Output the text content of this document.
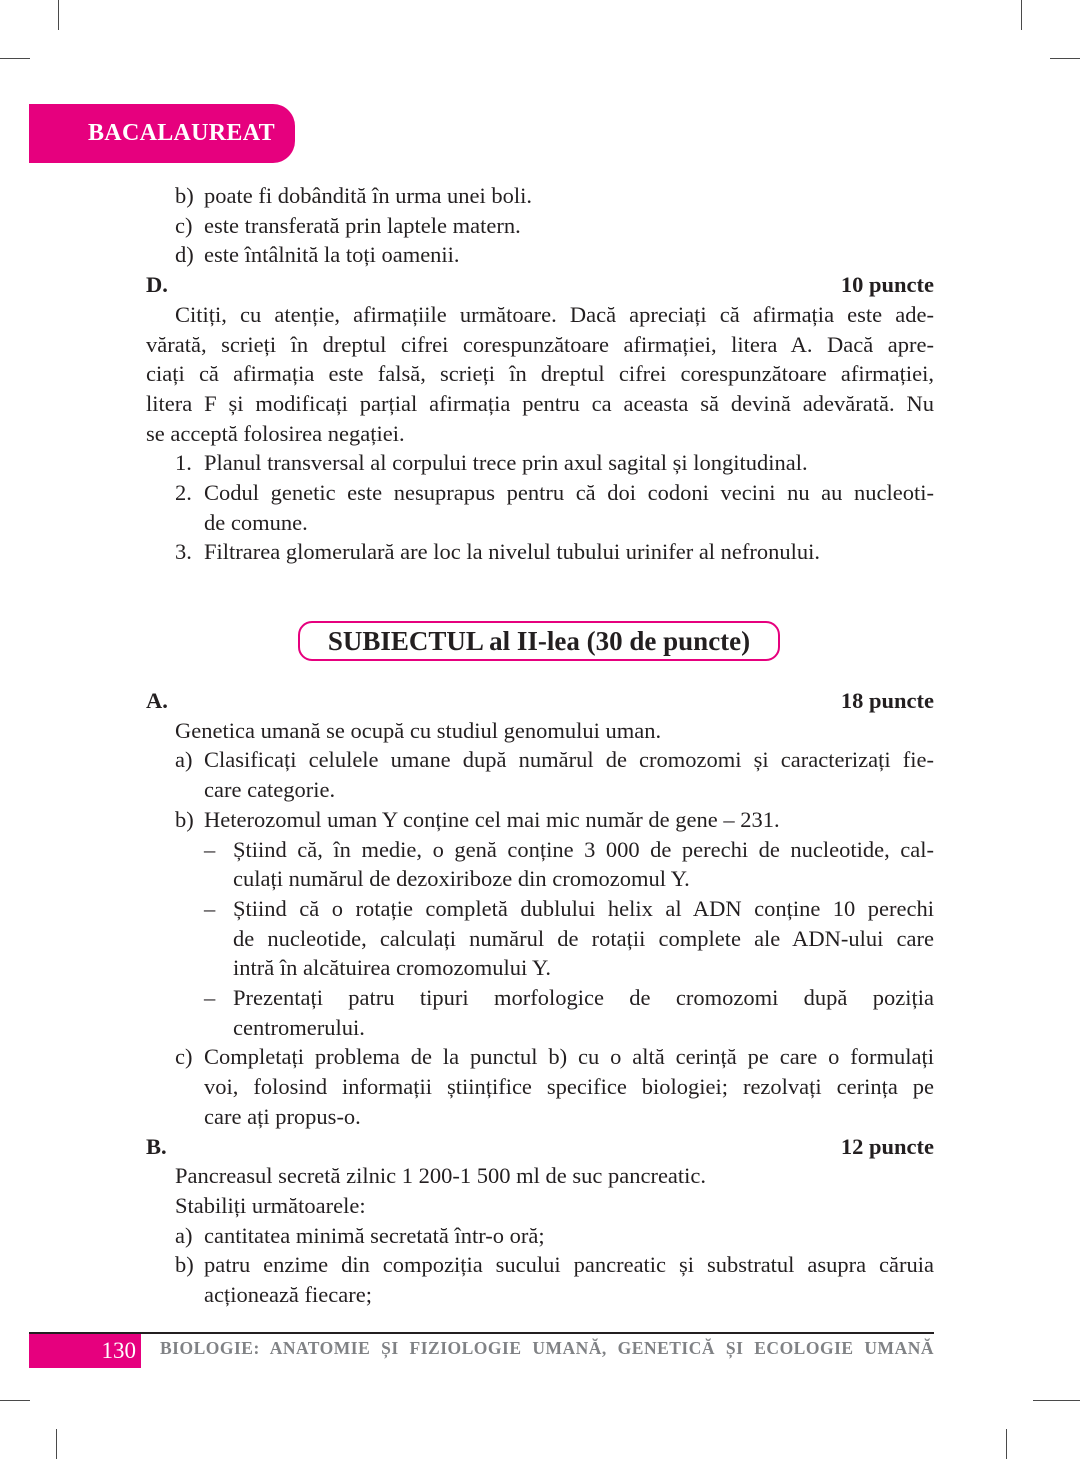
BACALAUREAT
b) poate fi dobândită în urma unei boli.
c) este transferată prin laptele matern.
d) este întâlnită la toți oamenii.
D.	10 puncte
Citiți, cu atenție, afirmațiile următoare. Dacă apreciați că afirmația este ade-
vărată, scrieți în dreptul cifrei corespunzătoare afirmației, litera A. Dacă apre-
ciați că afirmația este falsă, scrieți în dreptul cifrei corespunzătoare afirmației,
litera F și modificați parțial afirmația pentru ca aceasta să devină adevărată. Nu
se acceptă folosirea negației.
1. Planul transversal al corpului trece prin axul sagital și longitudinal.
2. Codul genetic este nesuprapus pentru că doi codoni vecini nu au nucleoti-
de comune.
3. Filtrarea glomerulară are loc la nivelul tubului urinifer al nefronului.
SUBIECTUL al II-lea (30 de puncte)
A.	18 puncte
Genetica umană se ocupă cu studiul genomului uman.
a) Clasificați celulele umane după numărul de cromozomi și caracterizați fie-
care categorie.
b) Heterozomul uman Y conține cel mai mic număr de gene – 231.
– Știind că, în medie, o genă conține 3 000 de perechi de nucleotide, cal-
culați numărul de dezoxiriboze din cromozomul Y.
– Știind că o rotație completă dublului helix al ADN conține 10 perechi
de nucleotide, calculați numărul de rotații complete ale ADN-ului care
intră în alcătuirea cromozomului Y.
– Prezentați patru tipuri morfologice de cromozomi după poziția
centromerului.
c) Completați problema de la punctul b) cu o altă cerință pe care o formulați
voi, folosind informații științifice specifice biologiei; rezolvați cerința pe
care ați propus-o.
B.	12 puncte
Pancreasul secretă zilnic 1 200-1 500 ml de suc pancreatic.
Stabiliți următoarele:
a) cantitatea minimă secretată într-o oră;
b) patru enzime din compoziția sucului pancreatic și substratul asupra căruia
acționează fiecare;
130 BIOLOGIE: ANATOMIE ȘI FIZIOLOGIE UMANĂ, GENETICĂ ȘI ECOLOGIE UMANĂ
